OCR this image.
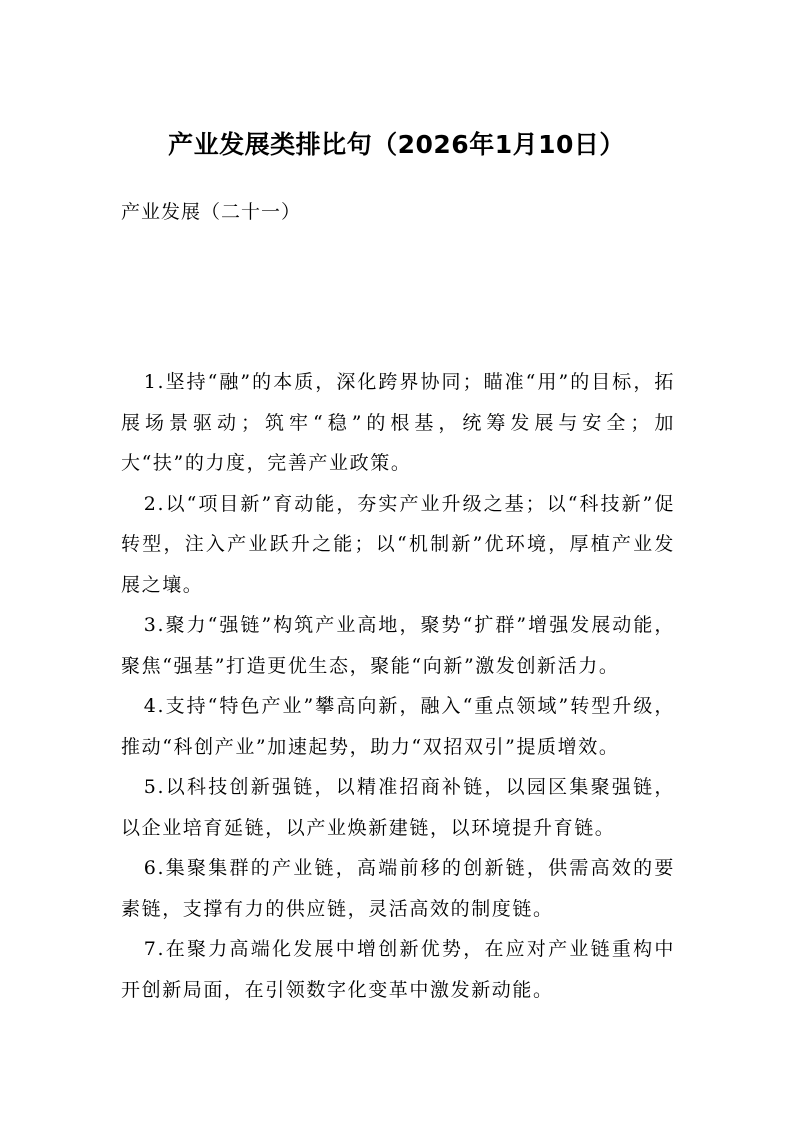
产业发展类排比句（2026年1月10日）
产业发展（二十一）

1.坚持“融”的本质，深化跨界协同；瞄准“用”的目标，拓展场景驱动；筑牢“稳”的根基，统筹发展与安全；加大“扶”的力度，完善产业政策。

2.以“项目新”育动能，夯实产业升级之基；以“科技新”促转型，注入产业跃升之能；以“机制新”优环境，厚植产业发展之壤。

3.聚力“强链”构筑产业高地，聚势“扩群”增强发展动能，聚焦“强基”打造更优生态，聚能“向新”激发创新活力。

4.支持“特色产业”攀高向新，融入“重点领域”转型升级，推动“科创产业”加速起势，助力“双招双引”提质增效。

5.以科技创新强链，以精准招商补链，以园区集聚强链，以企业培育延链，以产业焕新建链，以环境提升育链。

6.集聚集群的产业链，高端前移的创新链，供需高效的要素链，支撑有力的供应链，灵活高效的制度链。

7.在聚力高端化发展中增创新优势，在应对产业链重构中开创新局面，在引领数字化变革中激发新动能。
